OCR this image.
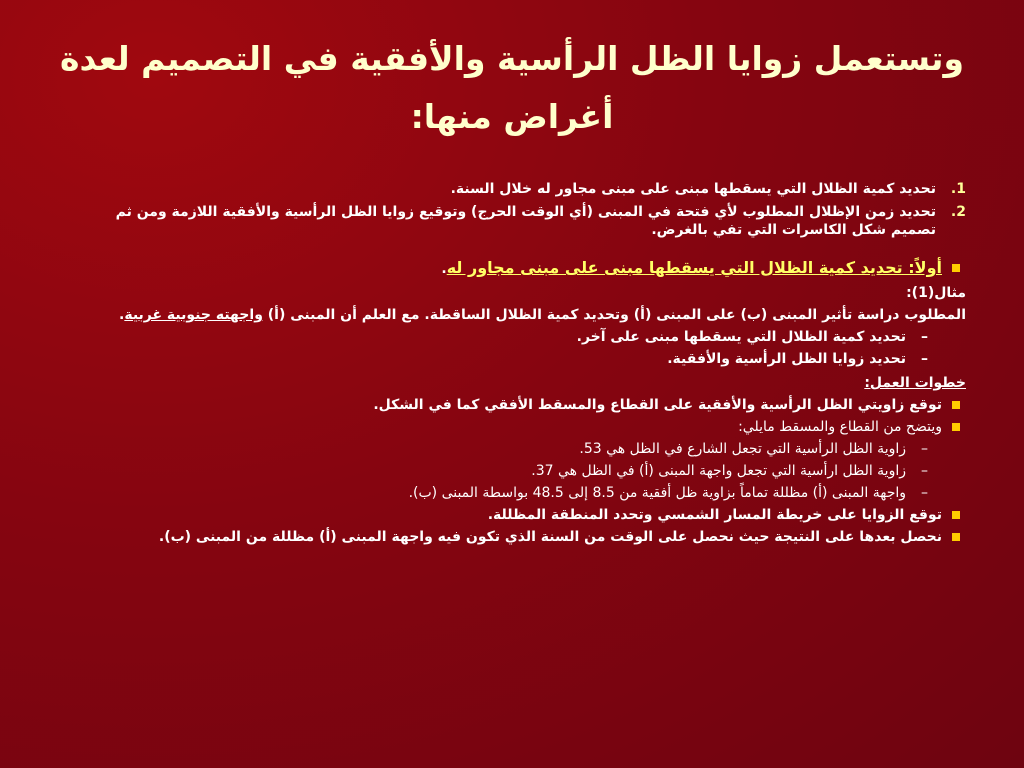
وتستعمل زوايا الظل الرأسية والأفقية في التصميم لعدة
أغراض منها:
1.
تحديد كمية الظلال التي يسقطها مبنى على مبنى مجاور له خلال السنة.
2.
تحديد زمن الإظلال المطلوب لأي فتحة في المبنى (أي الوقت الحرج) وتوقيع زوايا الظل الرأسية والأفقية اللازمة ومن ثم تصميم شكل الكاسرات التي تفي بالغرض.
أولاً: تحديد كمية الظلال التي يسقطها مبنى على مبنى مجاور له.
مثال(1):
المطلوب دراسة تأثير المبنى (ب) على المبنى (أ) وتحديد كمية الظلال الساقطة. مع العلم أن المبنى (أ) واجهته جنوبية غربية.
–
تحديد كمية الظلال التي يسقطها مبنى على آخر.
–
تحديد زوايا الظل الرأسية والأفقية.
خطوات العمل:
توقع زاويتي الظل الرأسية والأفقية على القطاع والمسقط الأفقي كما في الشكل.
ويتضح من القطاع والمسقط مايلي:
–
زاوية الظل الرأسية التي تجعل الشارع في الظل هي 53.
–
زاوية الظل ارأسية التي تجعل واجهة المبنى (أ) في الظل هي 37.
–
واجهة المبنى (أ) مظللة تماماً بزاوية ظل أفقية من 8.5 إلى 48.5 بواسطة المبنى (ب).
توقع الزوايا على خريطة المسار الشمسي وتحدد المنطقة المظللة.
نحصل بعدها على النتيجة حيث نحصل على الوقت من السنة الذي تكون فيه واجهة المبنى (أ) مظللة من المبنى (ب).
